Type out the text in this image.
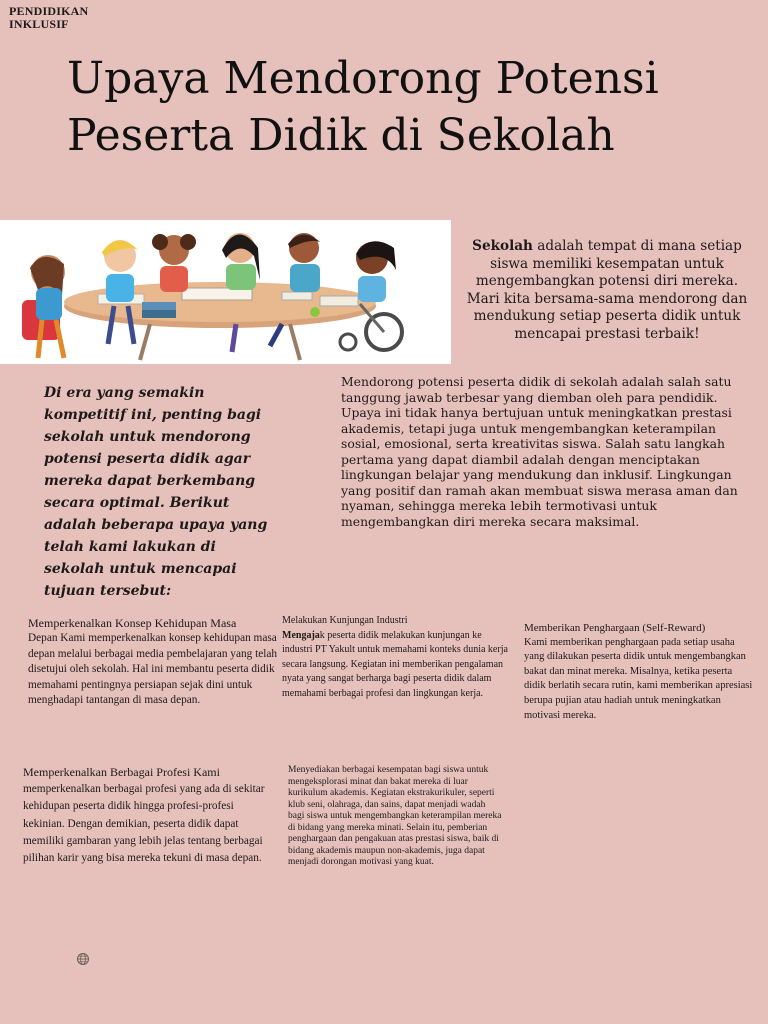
PENDIDIKAN
INKLUSIF
Upaya Mendorong Potensi Peserta Didik di Sekolah
Sekolah adalah tempat di mana setiap siswa memiliki kesempatan untuk mengembangkan potensi diri mereka. Mari kita bersama-sama mendorong dan mendukung setiap peserta didik untuk mencapai prestasi terbaik!
Di era yang semakin kompetitif ini, penting bagi sekolah untuk mendorong potensi peserta didik agar mereka dapat berkembang secara optimal. Berikut adalah beberapa upaya yang telah kami lakukan di sekolah untuk mencapai tujuan tersebut:
Mendorong potensi peserta didik di sekolah adalah salah satu tanggung jawab terbesar yang diemban oleh para pendidik. Upaya ini tidak hanya bertujuan untuk meningkatkan prestasi akademis, tetapi juga untuk mengembangkan keterampilan sosial, emosional, serta kreativitas siswa. Salah satu langkah pertama yang dapat diambil adalah dengan menciptakan lingkungan belajar yang mendukung dan inklusif. Lingkungan yang positif dan ramah akan membuat siswa merasa aman dan nyaman, sehingga mereka lebih termotivasi untuk mengembangkan diri mereka secara maksimal.
Memperkenalkan Konsep Kehidupan Masa
Depan Kami memperkenalkan konsep kehidupan masa depan melalui berbagai media pembelajaran yang telah disetujui oleh sekolah. Hal ini membantu peserta didik memahami pentingnya persiapan sejak dini untuk menghadapi tantangan di masa depan.
Melakukan Kunjungan Industri
Mengajak peserta didik melakukan kunjungan ke industri PT Yakult untuk memahami konteks dunia kerja secara langsung. Kegiatan ini memberikan pengalaman nyata yang sangat berharga bagi peserta didik dalam memahami berbagai profesi dan lingkungan kerja.
Memberikan Penghargaan (Self-Reward)
Kami memberikan penghargaan pada setiap usaha yang dilakukan peserta didik untuk mengembangkan bakat dan minat mereka. Misalnya, ketika peserta didik berlatih secara rutin, kami memberikan apresiasi berupa pujian atau hadiah untuk meningkatkan motivasi mereka.
Memperkenalkan Berbagai Profesi Kami
memperkenalkan berbagai profesi yang ada di sekitar kehidupan peserta didik hingga profesi-profesi kekinian. Dengan demikian, peserta didik dapat memiliki gambaran yang lebih jelas tentang berbagai pilihan karir yang bisa mereka tekuni di masa depan.
Menyediakan berbagai kesempatan bagi siswa untuk mengeksplorasi minat dan bakat mereka di luar kurikulum akademis. Kegiatan ekstrakurikuler, seperti klub seni, olahraga, dan sains, dapat menjadi wadah bagi siswa untuk mengembangkan keterampilan mereka di bidang yang mereka minati. Selain itu, pemberian penghargaan dan pengakuan atas prestasi siswa, baik di bidang akademis maupun non-akademis, juga dapat menjadi dorongan motivasi yang kuat.
